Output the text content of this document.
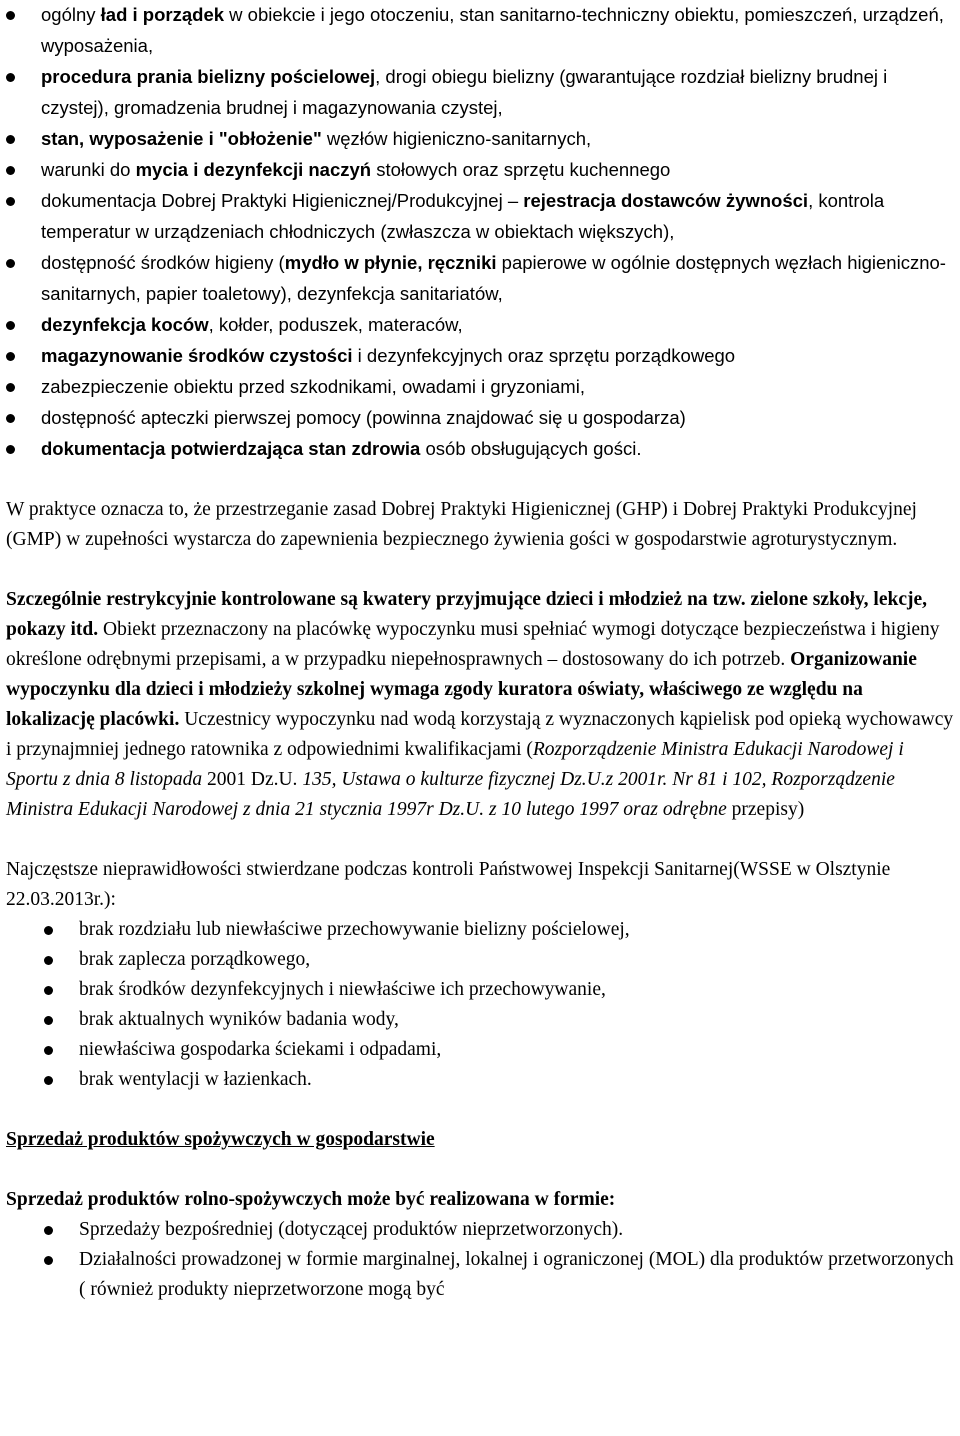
ogólny ład i porządek w obiekcie i jego otoczeniu, stan sanitarno-techniczny obiektu, pomieszczeń, urządzeń, wyposażenia,
procedura prania bielizny pościelowej, drogi obiegu bielizny (gwarantujące rozdział bielizny brudnej i czystej), gromadzenia brudnej i magazynowania czystej,
stan, wyposażenie i "obłożenie" węzłów higieniczno-sanitarnych,
warunki do mycia i dezynfekcji naczyń stołowych oraz sprzętu kuchennego
dokumentacja Dobrej Praktyki Higienicznej/Produkcyjnej – rejestracja dostawców żywności, kontrola temperatur w urządzeniach chłodniczych (zwłaszcza w obiektach większych),
dostępność środków higieny (mydło w płynie, ręczniki papierowe w ogólnie dostępnych węzłach higieniczno-sanitarnych, papier toaletowy), dezynfekcja sanitariatów,
dezynfekcja koców, kołder, poduszek, materaców,
magazynowanie środków czystości i dezynfekcyjnych oraz sprzętu porządkowego
zabezpieczenie obiektu przed szkodnikami, owadami i gryzoniami,
dostępność apteczki pierwszej pomocy (powinna znajdować się u gospodarza)
dokumentacja potwierdzająca stan zdrowia osób obsługujących gości.

W praktyce oznacza to, że przestrzeganie zasad Dobrej Praktyki Higienicznej (GHP) i Dobrej Praktyki Produkcyjnej (GMP) w zupełności wystarcza do zapewnienia bezpiecznego żywienia gości w gospodarstwie agroturystycznym.

Szczególnie restrykcyjnie kontrolowane są kwatery przyjmujące dzieci i młodzież na tzw. zielone szkoły, lekcje, pokazy itd. Obiekt przeznaczony na placówkę wypoczynku musi spełniać wymogi dotyczące bezpieczeństwa i higieny określone odrębnymi przepisami, a w przypadku niepełnosprawnych – dostosowany do ich potrzeb. Organizowanie wypoczynku dla dzieci i młodzieży szkolnej wymaga zgody kuratora oświaty, właściwego ze względu na lokalizację placówki. Uczestnicy wypoczynku nad wodą korzystają z wyznaczonych kąpielisk pod opieką wychowawcy i przynajmniej jednego ratownika z odpowiednimi kwalifikacjami (Rozporządzenie Ministra Edukacji Narodowej i Sportu z dnia 8 listopada 2001 Dz.U. 135, Ustawa o kulturze fizycznej Dz.U.z 2001r. Nr 81 i 102, Rozporządzenie Ministra Edukacji Narodowej z dnia 21 stycznia 1997r Dz.U. z 10 lutego 1997 oraz odrębne przepisy)

Najczęstsze nieprawidłowości stwierdzane podczas kontroli Państwowej Inspekcji Sanitarnej(WSSE w Olsztynie 22.03.2013r.):

brak rozdziału lub niewłaściwe przechowywanie bielizny pościelowej,
brak zaplecza porządkowego,
brak środków dezynfekcyjnych i niewłaściwe ich przechowywanie,
brak aktualnych wyników badania wody,
niewłaściwa gospodarka ściekami i odpadami,
brak wentylacji w łazienkach.

Sprzedaż produktów spożywczych w gospodarstwie

Sprzedaż produktów rolno-spożywczych może być realizowana w formie:

Sprzedaży bezpośredniej (dotyczącej produktów nieprzetworzonych).
Działalności prowadzonej w formie marginalnej, lokalnej i ograniczonej (MOL) dla produktów przetworzonych ( również produkty nieprzetworzone mogą być
